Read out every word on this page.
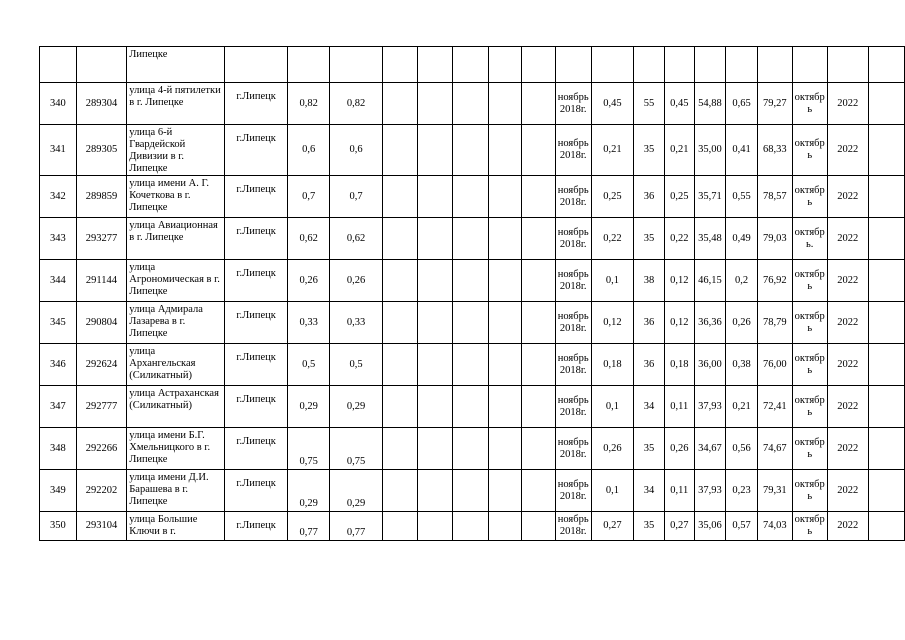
		Липецке																		
340	289304	улица 4-й пятилетки в г. Липецке	г.Липецк	0,82	0,82						ноябрь 2018г.	0,45	55	0,45	54,88	0,65	79,27	октябрь	2022	
341	289305	улица 6-й Гвардейской Дивизии в г. Липецке	г.Липецк	0,6	0,6						ноябрь 2018г.	0,21	35	0,21	35,00	0,41	68,33	октябрь	2022	
342	289859	улица имени А. Г. Кочеткова в г. Липецке	г.Липецк	0,7	0,7						ноябрь 2018г.	0,25	36	0,25	35,71	0,55	78,57	октябрь	2022	
343	293277	улица Авиационная в г. Липецке	г.Липецк	0,62	0,62						ноябрь 2018г.	0,22	35	0,22	35,48	0,49	79,03	октябрь.	2022	
344	291144	улица Агрономическая в г. Липецке	г.Липецк	0,26	0,26						ноябрь 2018г.	0,1	38	0,12	46,15	0,2	76,92	октябрь	2022	
345	290804	улица Адмирала Лазарева в г. Липецке	г.Липецк	0,33	0,33						ноябрь 2018г.	0,12	36	0,12	36,36	0,26	78,79	октябрь	2022	
346	292624	улица Архангельская (Силикатный)	г.Липецк	0,5	0,5						ноябрь 2018г.	0,18	36	0,18	36,00	0,38	76,00	октябрь	2022	
347	292777	улица Астраханская (Силикатный)	г.Липецк	0,29	0,29						ноябрь 2018г.	0,1	34	0,11	37,93	0,21	72,41	октябрь	2022	
348	292266	улица имени Б.Г. Хмельницкого в г. Липецке	г.Липецк	0,75	0,75						ноябрь 2018г.	0,26	35	0,26	34,67	0,56	74,67	октябрь	2022	
349	292202	улица имени Д.И. Барашева в г. Липецке	г.Липецк	0,29	0,29						ноябрь 2018г.	0,1	34	0,11	37,93	0,23	79,31	октябрь	2022	
350	293104	улица Большие Ключи в г.	г.Липецк	0,77	0,77						ноябрь 2018г.	0,27	35	0,27	35,06	0,57	74,03	октябрь	2022	
